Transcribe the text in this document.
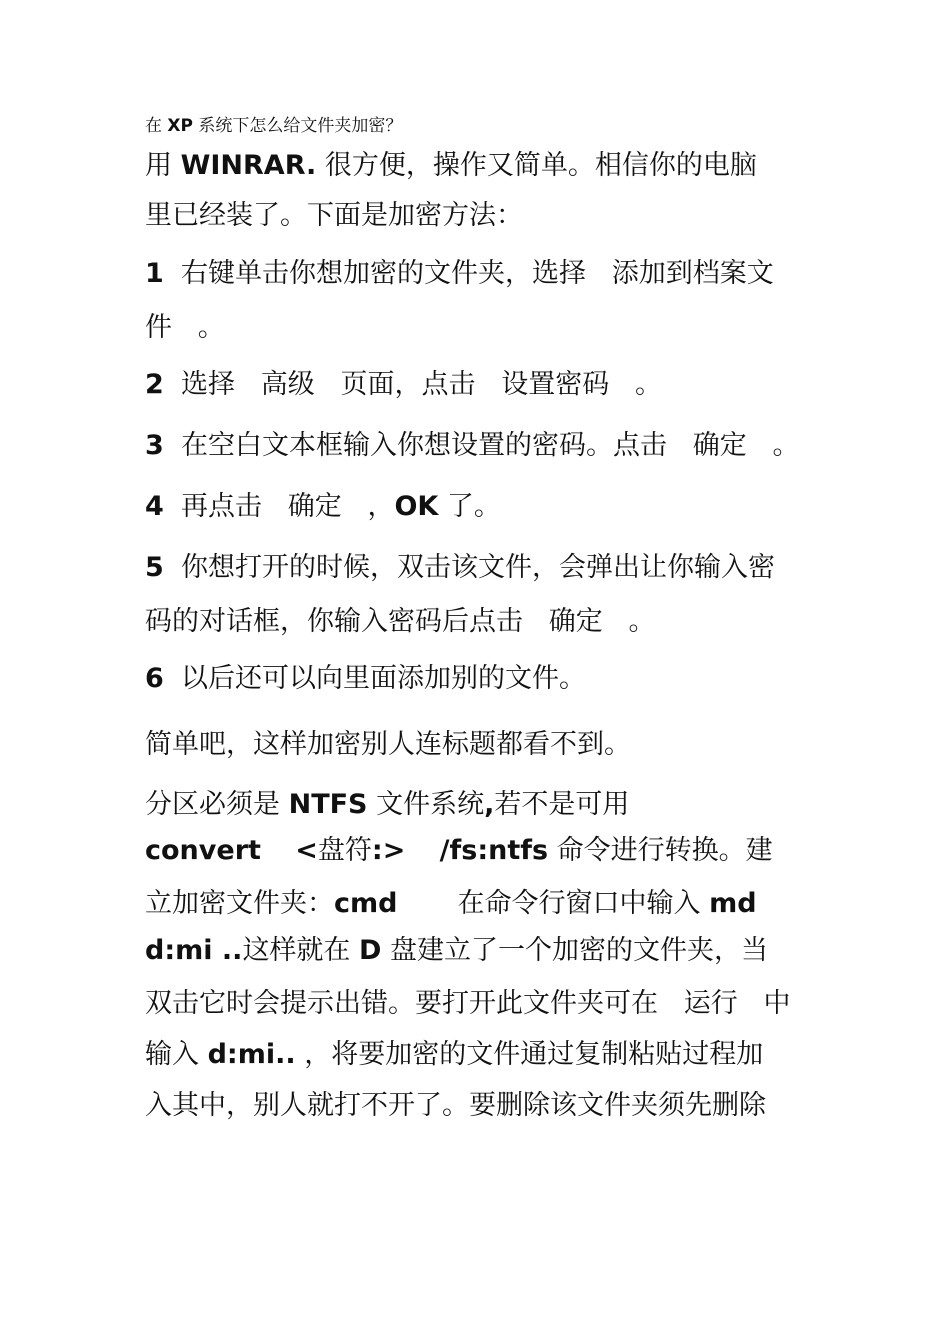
在 XP 系统下怎么给文件夹加密？
用 WINRAR. 很方便，操作又简单。相信你的电脑
里已经装了。下面是加密方法：
1  右键单击你想加密的文件夹，选择   添加到档案文
件   。
2  选择   高级   页面，点击   设置密码   。
3  在空白文本框输入你想设置的密码。点击   确定   。
4  再点击   确定   ，OK 了。
5  你想打开的时候，双击该文件，会弹出让你输入密
码的对话框，你输入密码后点击   确定   。
6  以后还可以向里面添加别的文件。
简单吧，这样加密别人连标题都看不到。
分区必须是 NTFS 文件系统,若不是可用
convert <盘符:> /fs:ntfs 命令进行转换。建
立加密文件夹：cmd       在命令行窗口中输入 md
d:mi ..这样就在 D 盘建立了一个加密的文件夹，当
双击它时会提示出错。要打开此文件夹可在   运行   中
输入 d:mi.. ，将要加密的文件通过复制粘贴过程加
入其中，别人就打不开了。要删除该文件夹须先删除
